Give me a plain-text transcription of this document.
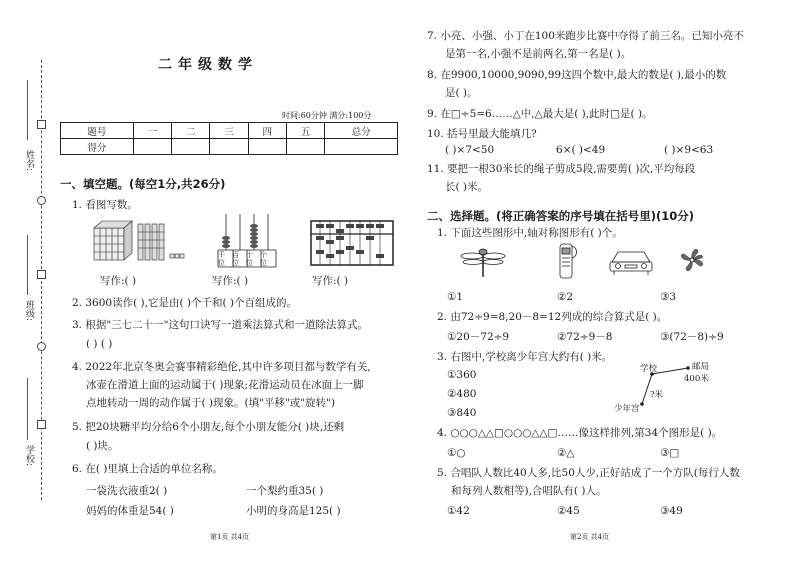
姓名:
班级:
学校:
二年级数学
时间:60分钟 满分:100分
题号	一	二	三	四	五	总分
得分						
一、填空题。(每空1分,共26分)
1. 看图写数。
千百十个
位位位位
写作:( )	写作:( )	写作:( )
2. 3600读作( ),它是由( )个千和( )个百组成的。
3. 根据"三七二十一"这句口诀写一道乘法算式和一道除法算式。
( ) ( )
4. 2022年北京冬奥会赛事精彩绝伦,其中许多项目都与数学有关,
冰壶在滑道上面的运动属于( )现象;花滑运动员在冰面上一脚
点地转动一周的动作属于( )现象。(填"平移"或"旋转")
5. 把20块糖平均分给6个小朋友,每个小朋友能分( )块,还剩
( )块。
6. 在( )里填上合适的单位名称。
一袋洗衣液重2( )	一个梨约重35( )
妈妈的体重是54( )	小明的身高是125( )
第1页 共4页
7. 小亮、小强、小丁在100米跑步比赛中夺得了前三名。已知小亮不
是第一名,小强不是前两名,第一名是( )。
8. 在9900,10000,9090,99这四个数中,最大的数是( ),最小的数
是( )。
9. 在□÷5=6……△中,△最大是( ),此时□是( )。
10. 括号里最大能填几?
( )×7<50	6×( )<49	( )×9<63
11. 要把一根30米长的绳子剪成5段,需要剪( )次,平均每段
长( )米。
二、选择题。(将正确答案的序号填在括号里)(10分)
1. 下面这些图形中,轴对称图形有( )个。
①1	②2	③3
2. 由72÷9=8,20－8=12列成的综合算式是( )。
①20－72÷9	②72÷9－8	③(72－8)÷9
3. 右图中,学校离少年宫大约有( )米。
①360
②480
③840
学校	邮局
400米
?米
少年宫
4. ○○○△△□○○○△△□……像这样排列,第34个图形是( )。
①○	②△	③□
5. 合唱队人数比40人多,比50人少,正好站成了一个方队(每行人数
和每列人数相等),合唱队有( )人。
①42	②45	③49
第2页 共4页
